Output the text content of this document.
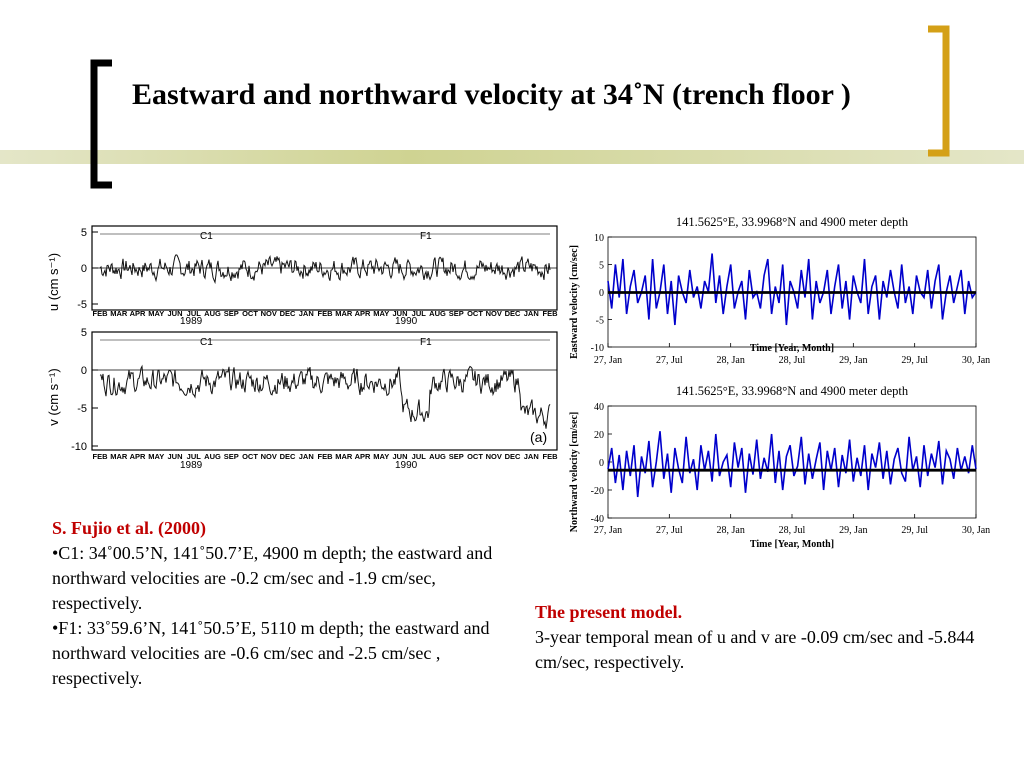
Eastward and northward velocity at 34˚N (trench floor )
u (cm s⁻¹)
5
0
-5
C1	F1
FEB MAR APR MAY JUN JUL AUG SEP OCT NOV DEC JAN FEB MAR APR MAY JUN JUL AUG SEP OCT NOV DEC JAN FEB
1989	1990
v (cm s⁻¹)
5
0
-5
-10
C1	F1
(a)
FEB MAR APR MAY JUN JUL AUG SEP OCT NOV DEC JAN FEB MAR APR MAY JUN JUL AUG SEP OCT NOV DEC JAN FEB
1989	1990
141.5625°E, 33.9968°N and 4900 meter depth
10
5
0
-5
-10
27, Jan	27, Jul	28, Jan	28, Jul	29, Jan	29, Jul	30, Jan
Time [Year, Month]
Eastward velocity [cm/sec]
141.5625°E, 33.9968°N and 4900 meter depth
40
20
0
-20
-40
27, Jan	27, Jul	28, Jan	28, Jul	29, Jan	29, Jul	30, Jan
Time [Year, Month]
Northward velocity [cm/sec]

S. Fujio et al. (2000)

•C1: 34˚00.5’N, 141˚50.7’E, 4900 m depth; the eastward and northward velocities are -0.2 cm/sec and -1.9 cm/sec, respectively.

•F1: 33˚59.6’N, 141˚50.5’E, 5110 m depth; the eastward and northward velocities are -0.6 cm/sec and -2.5 cm/sec , respectively.

The present model.

3-year temporal mean of u and v are -0.09 cm/sec and -5.844 cm/sec, respectively.
